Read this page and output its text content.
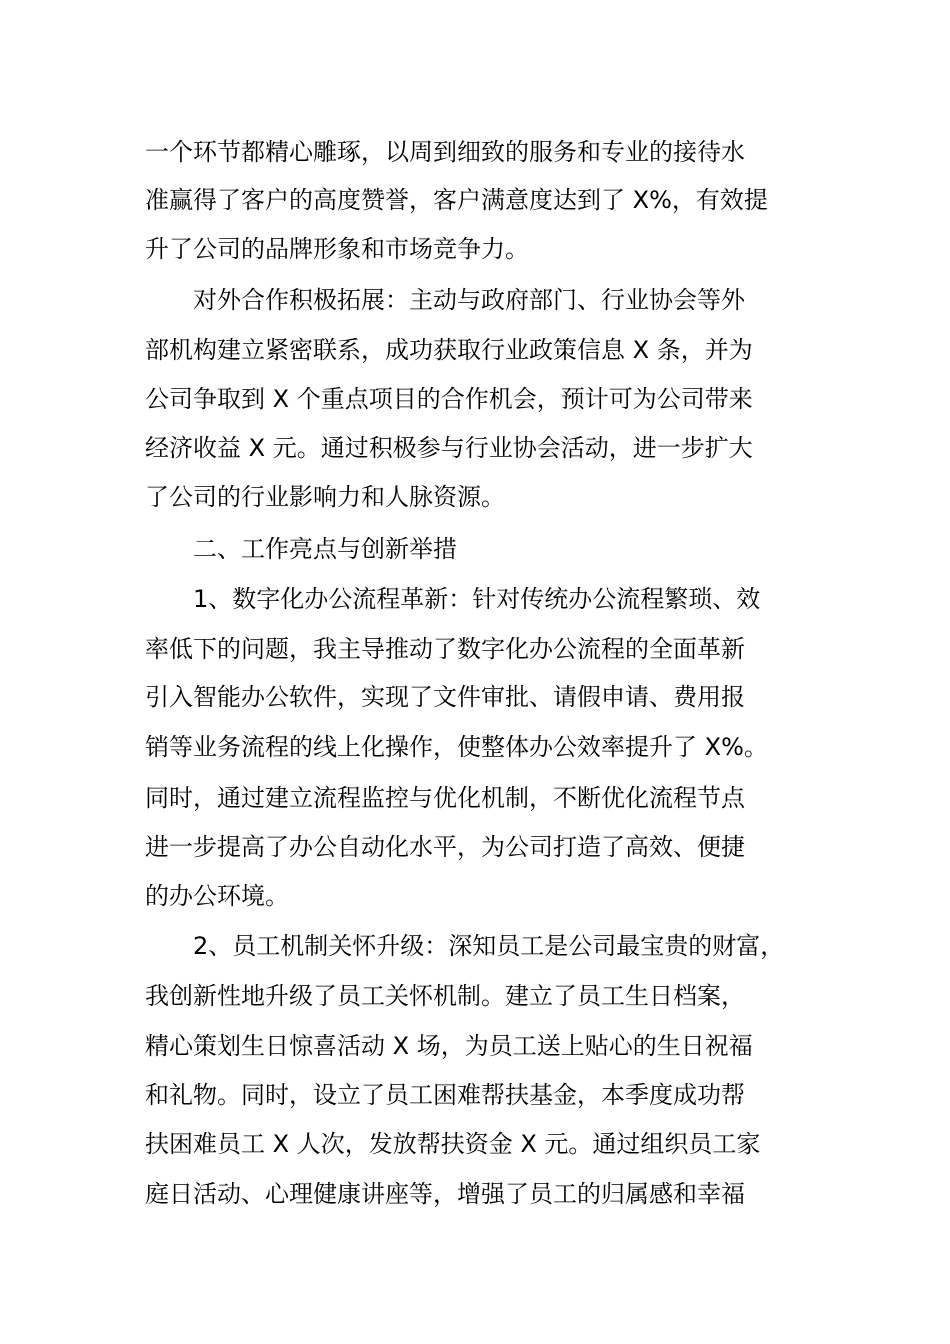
一个环节都精心雕琢，以周到细致的服务和专业的接待水
准赢得了客户的高度赞誉，客户满意度达到了 X%，有效提
升了公司的品牌形象和市场竞争力。
对外合作积极拓展：主动与政府部门、行业协会等外
部机构建立紧密联系，成功获取行业政策信息 X 条，并为
公司争取到 X 个重点项目的合作机会，预计可为公司带来
经济收益 X 元。通过积极参与行业协会活动，进一步扩大
了公司的行业影响力和人脉资源。
二、工作亮点与创新举措
1、数字化办公流程革新：针对传统办公流程繁琐、效
率低下的问题，我主导推动了数字化办公流程的全面革新
引入智能办公软件，实现了文件审批、请假申请、费用报
销等业务流程的线上化操作，使整体办公效率提升了 X%。
同时，通过建立流程监控与优化机制，不断优化流程节点
进一步提高了办公自动化水平，为公司打造了高效、便捷
的办公环境。
2、员工机制关怀升级：深知员工是公司最宝贵的财富，
我创新性地升级了员工关怀机制。建立了员工生日档案，
精心策划生日惊喜活动 X 场，为员工送上贴心的生日祝福
和礼物。同时，设立了员工困难帮扶基金，本季度成功帮
扶困难员工 X 人次，发放帮扶资金 X 元。通过组织员工家
庭日活动、心理健康讲座等，增强了员工的归属感和幸福
